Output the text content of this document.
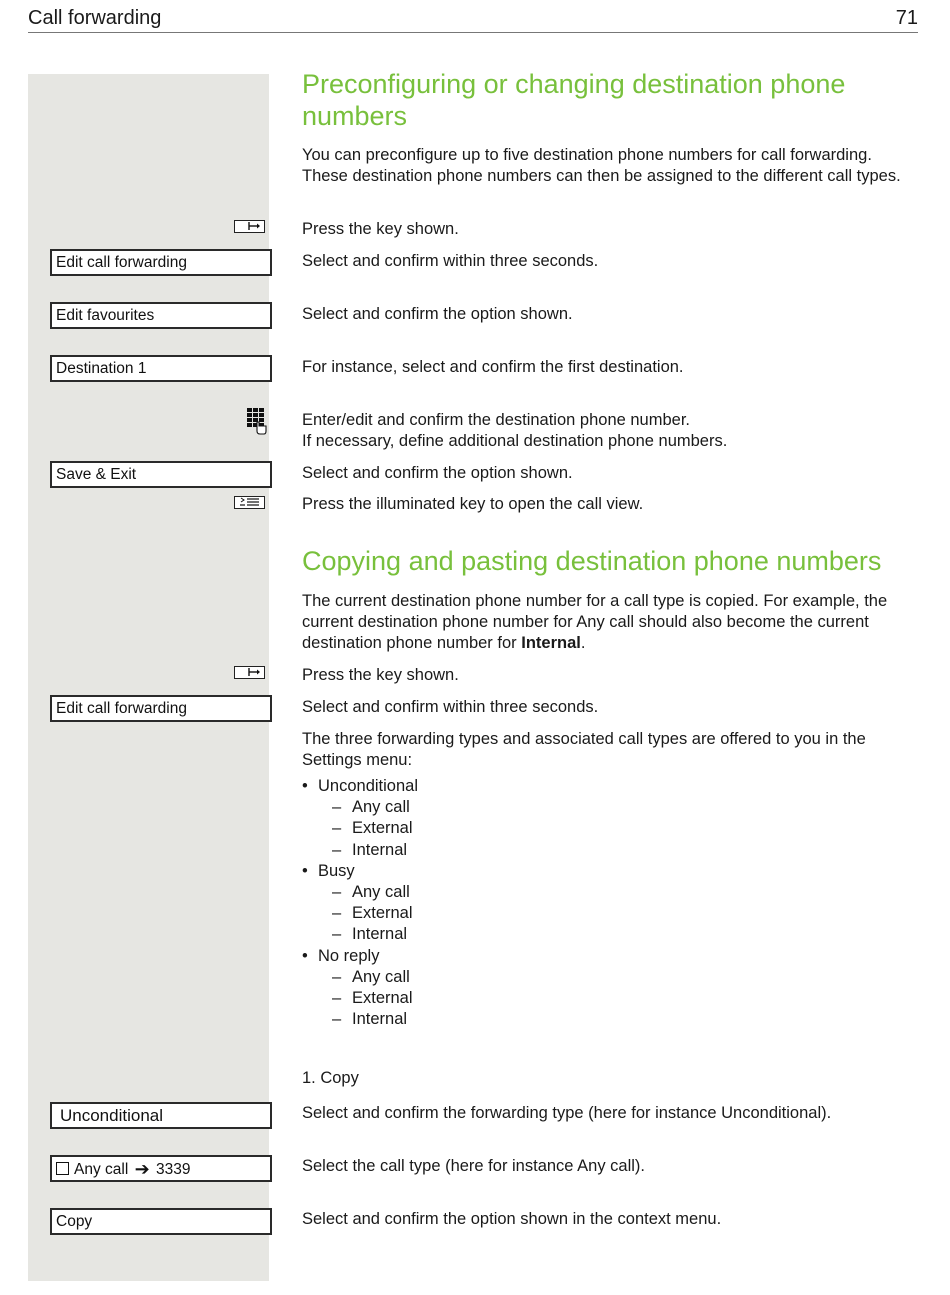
Call forwarding	71
Preconfiguring or changing destination phone numbers

You can preconfigure up to five destination phone numbers for call forwarding. These destination phone numbers can then be assigned to the different call types.

Press the key shown.

Edit call forwarding	Select and confirm within three seconds.

Edit favourites	Select and confirm the option shown.

Destination 1	For instance, select and confirm the first destination.

Enter/edit and confirm the destination phone number.

If necessary, define additional destination phone numbers.

Save & Exit	Select and confirm the option shown.

Press the illuminated key to open the call view.

Copying and pasting destination phone numbers

The current destination phone number for a call type is copied. For example, the current destination phone number for Any call should also become the current destination phone number for Internal.

Press the key shown.

Edit call forwarding	Select and confirm within three seconds.

The three forwarding types and associated call types are offered to you in the Settings menu:

• Unconditional
– Any call
– External
– Internal
• Busy
– Any call
– External
– Internal
• No reply
– Any call
– External
– Internal

1. Copy

Unconditional	Select and confirm the forwarding type (here for instance Unconditional).

Any call ➔ 3339	Select the call type (here for instance Any call).

Copy	Select and confirm the option shown in the context menu.
